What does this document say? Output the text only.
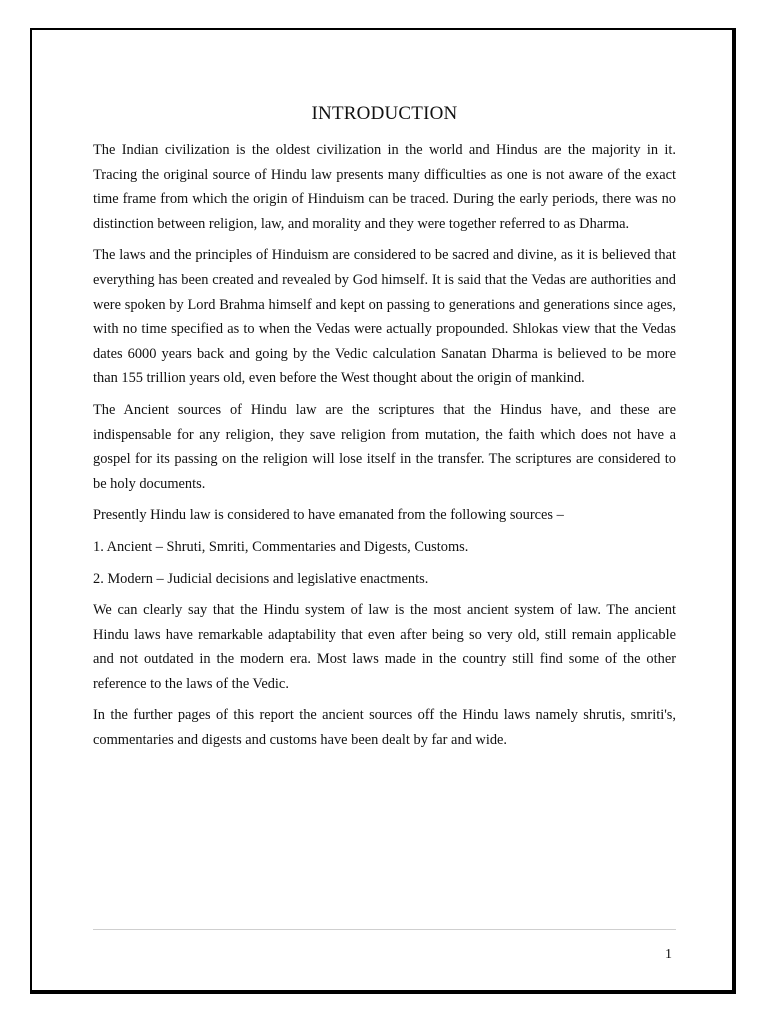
INTRODUCTION

The Indian civilization is the oldest civilization in the world and Hindus are the majority in it. Tracing the original source of Hindu law presents many difficulties as one is not aware of the exact time frame from which the origin of Hinduism can be traced. During the early periods, there was no distinction between religion, law, and morality and they were together referred to as Dharma.

The laws and the principles of Hinduism are considered to be sacred and divine, as it is believed that everything has been created and revealed by God himself. It is said that the Vedas are authorities and were spoken by Lord Brahma himself and kept on passing to generations and generations since ages, with no time specified as to when the Vedas were actually propounded. Shlokas view that the Vedas dates 6000 years back and going by the Vedic calculation Sanatan Dharma is believed to be more than 155 trillion years old, even before the West thought about the origin of mankind.

The Ancient sources of Hindu law are the scriptures that the Hindus have, and these are indispensable for any religion, they save religion from mutation, the faith which does not have a gospel for its passing on the religion will lose itself in the transfer. The scriptures are considered to be holy documents.

Presently Hindu law is considered to have emanated from the following sources –

1. Ancient – Shruti, Smriti, Commentaries and Digests, Customs.

2. Modern – Judicial decisions and legislative enactments.

We can clearly say that the Hindu system of law is the most ancient system of law. The ancient Hindu laws have remarkable adaptability that even after being so very old, still remain applicable and not outdated in the modern era. Most laws made in the country still find some of the other reference to the laws of the Vedic.

In the further pages of this report the ancient sources off the Hindu laws namely shrutis, smriti's, commentaries and digests and customs have been dealt by far and wide.

1
